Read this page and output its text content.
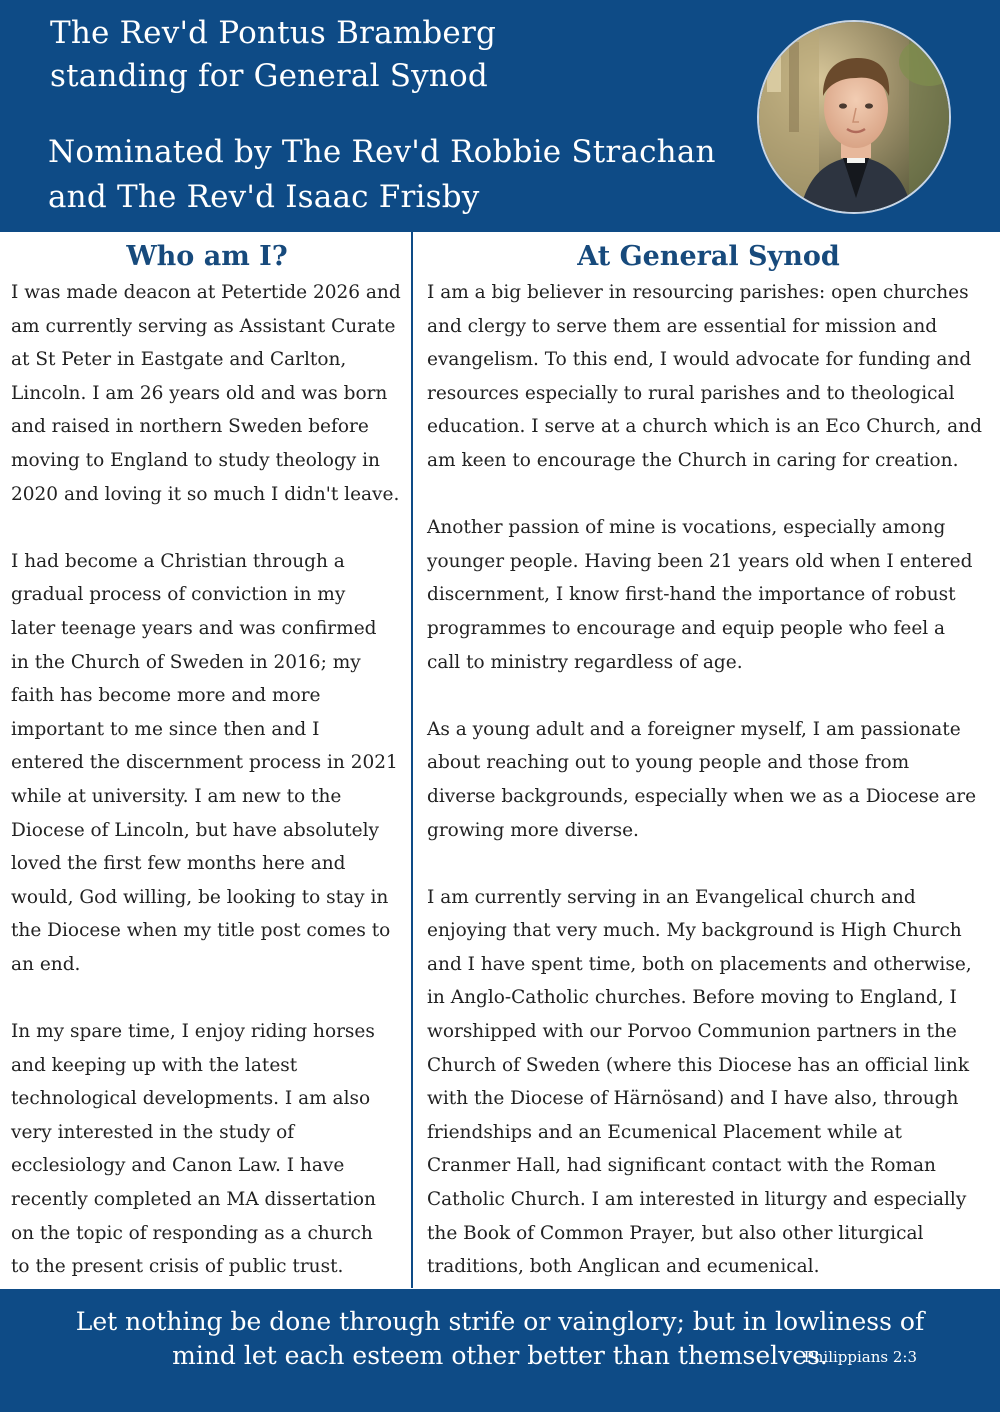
The Rev'd Pontus Bramberg
standing for General Synod
Nominated by The Rev'd Robbie Strachan
and The Rev'd Isaac Frisby
Who am I?

I was made deacon at Petertide 2026 and
am currently serving as Assistant Curate
at St Peter in Eastgate and Carlton,
Lincoln. I am 26 years old and was born
and raised in northern Sweden before
moving to England to study theology in
2020 and loving it so much I didn't leave.

I had become a Christian through a
gradual process of conviction in my
later teenage years and was confirmed
in the Church of Sweden in 2016; my
faith has become more and more
important to me since then and I
entered the discernment process in 2021
while at university. I am new to the
Diocese of Lincoln, but have absolutely
loved the first few months here and
would, God willing, be looking to stay in
the Diocese when my title post comes to
an end.

In my spare time, I enjoy riding horses
and keeping up with the latest
technological developments. I am also
very interested in the study of
ecclesiology and Canon Law. I have
recently completed an MA dissertation
on the topic of responding as a church
to the present crisis of public trust.

At General Synod

I am a big believer in resourcing parishes: open churches
and clergy to serve them are essential for mission and
evangelism. To this end, I would advocate for funding and
resources especially to rural parishes and to theological
education. I serve at a church which is an Eco Church, and
am keen to encourage the Church in caring for creation.

Another passion of mine is vocations, especially among
younger people. Having been 21 years old when I entered
discernment, I know first-hand the importance of robust
programmes to encourage and equip people who feel a
call to ministry regardless of age.

As a young adult and a foreigner myself, I am passionate
about reaching out to young people and those from
diverse backgrounds, especially when we as a Diocese are
growing more diverse.

I am currently serving in an Evangelical church and
enjoying that very much. My background is High Church
and I have spent time, both on placements and otherwise,
in Anglo-Catholic churches. Before moving to England, I
worshipped with our Porvoo Communion partners in the
Church of Sweden (where this Diocese has an official link
with the Diocese of Härnösand) and I have also, through
friendships and an Ecumenical Placement while at
Cranmer Hall, had significant contact with the Roman
Catholic Church. I am interested in liturgy and especially
the Book of Common Prayer, but also other liturgical
traditions, both Anglican and ecumenical.

Let nothing be done through strife or vainglory; but in lowliness of
mind let each esteem other better than themselves.
Philippians 2:3
